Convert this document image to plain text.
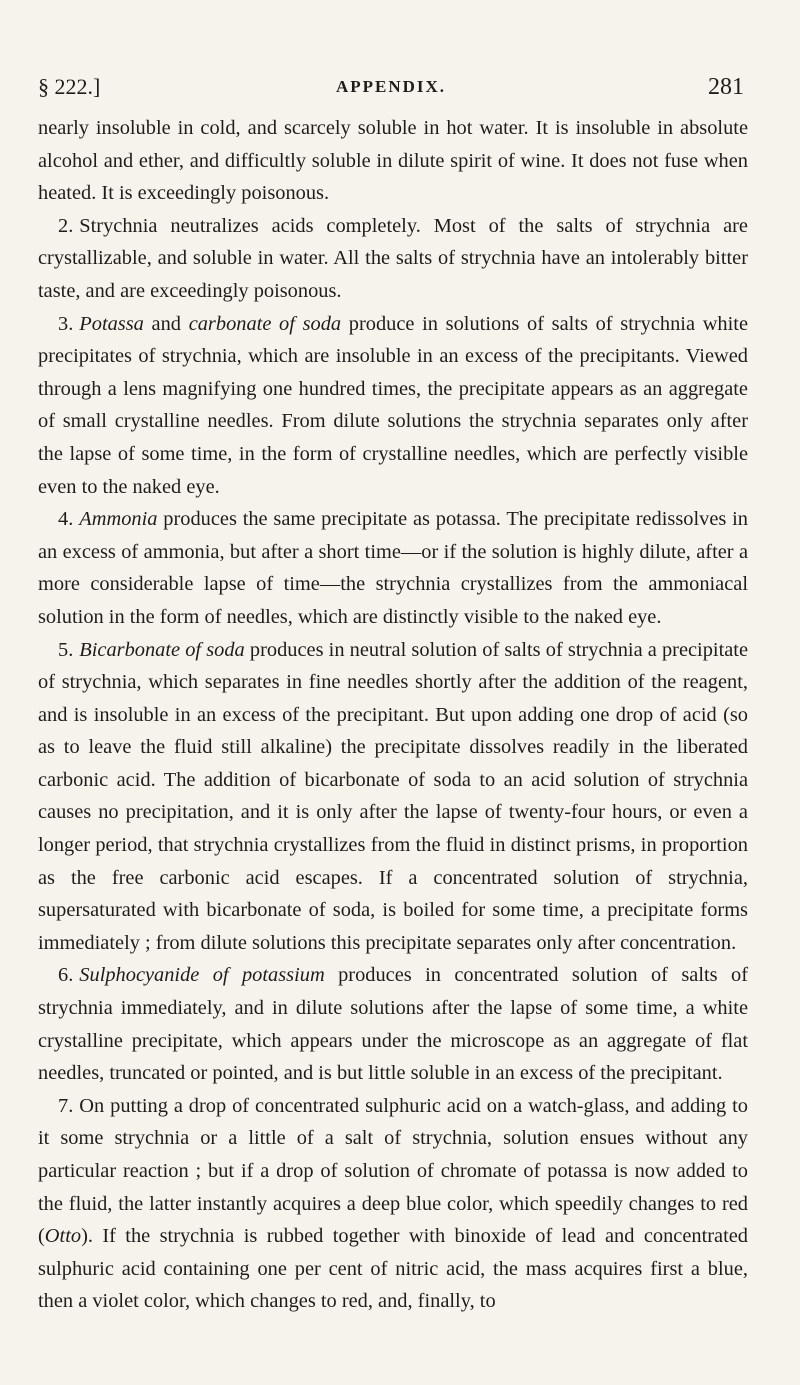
§ 222.]	APPENDIX.	281

nearly insoluble in cold, and scarcely soluble in hot water. It is insoluble in absolute alcohol and ether, and difficultly soluble in dilute spirit of wine. It does not fuse when heated. It is exceedingly poisonous.

2. Strychnia neutralizes acids completely. Most of the salts of strychnia are crystallizable, and soluble in water. All the salts of strychnia have an intolerably bitter taste, and are exceedingly poisonous.

3. Potassa and carbonate of soda produce in solutions of salts of strychnia white precipitates of strychnia, which are insoluble in an excess of the precipitants. Viewed through a lens magnifying one hundred times, the precipitate appears as an aggregate of small crystalline needles. From dilute solutions the strychnia separates only after the lapse of some time, in the form of crystalline needles, which are perfectly visible even to the naked eye.

4. Ammonia produces the same precipitate as potassa. The precipitate redissolves in an excess of ammonia, but after a short time—or if the solution is highly dilute, after a more considerable lapse of time—the strychnia crystallizes from the ammoniacal solution in the form of needles, which are distinctly visible to the naked eye.

5. Bicarbonate of soda produces in neutral solution of salts of strychnia a precipitate of strychnia, which separates in fine needles shortly after the addition of the reagent, and is insoluble in an excess of the precipitant. But upon adding one drop of acid (so as to leave the fluid still alkaline) the precipitate dissolves readily in the liberated carbonic acid. The addition of bicarbonate of soda to an acid solution of strychnia causes no precipitation, and it is only after the lapse of twenty-four hours, or even a longer period, that strychnia crystallizes from the fluid in distinct prisms, in proportion as the free carbonic acid escapes. If a concentrated solution of strychnia, supersaturated with bicarbonate of soda, is boiled for some time, a precipitate forms immediately ; from dilute solutions this precipitate separates only after concentration.

6. Sulphocyanide of potassium produces in concentrated solution of salts of strychnia immediately, and in dilute solutions after the lapse of some time, a white crystalline precipitate, which appears under the microscope as an aggregate of flat needles, truncated or pointed, and is but little soluble in an excess of the precipitant.

7. On putting a drop of concentrated sulphuric acid on a watch-glass, and adding to it some strychnia or a little of a salt of strychnia, solution ensues without any particular reaction ; but if a drop of solution of chromate of potassa is now added to the fluid, the latter instantly acquires a deep blue color, which speedily changes to red (Otto). If the strychnia is rubbed together with binoxide of lead and concentrated sulphuric acid containing one per cent of nitric acid, the mass acquires first a blue, then a violet color, which changes to red, and, finally, to
